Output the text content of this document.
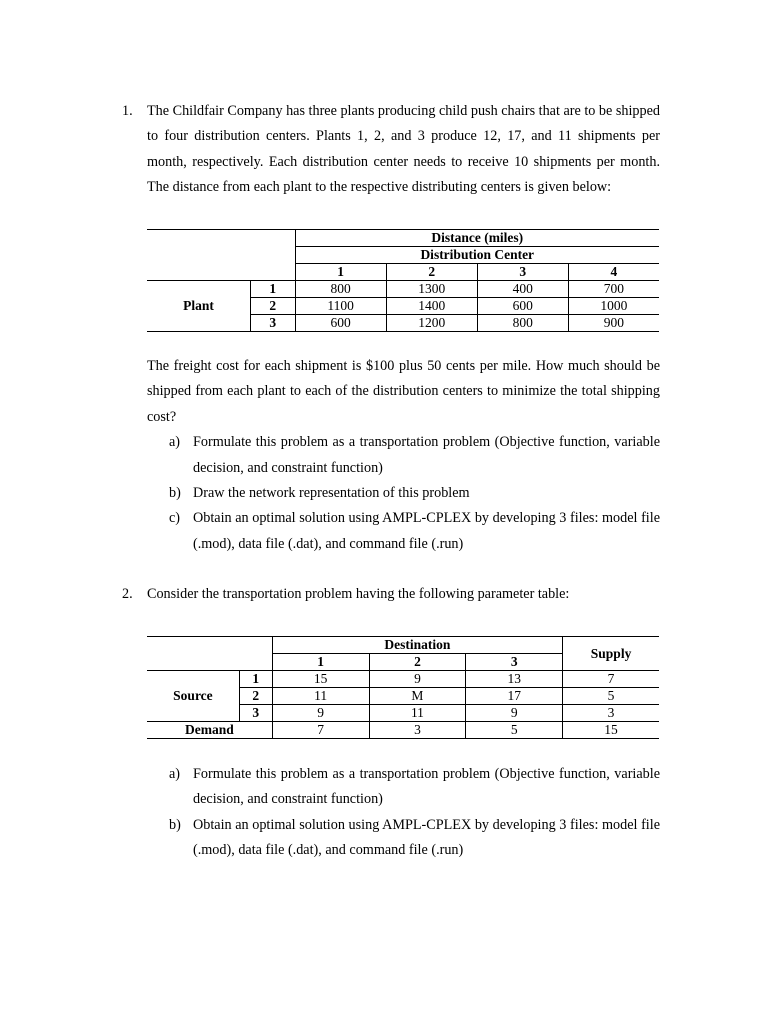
1. The Childfair Company has three plants producing child push chairs that are to be shipped to four distribution centers. Plants 1, 2, and 3 produce 12, 17, and 11 shipments per month, respectively. Each distribution center needs to receive 10 shipments per month. The distance from each plant to the respective distributing centers is given below:

		Distance (miles)			
		Distribution Center			
		1	2	3	4
Plant	1	800	1300	400	700
	2	1100	1400	600	1000
	3	600	1200	800	900

The freight cost for each shipment is $100 plus 50 cents per mile. How much should be shipped from each plant to each of the distribution centers to minimize the total shipping cost?

a) Formulate this problem as a transportation problem (Objective function, variable decision, and constraint function)
b) Draw the network representation of this problem
c) Obtain an optimal solution using AMPL-CPLEX by developing 3 files: model file (.mod), data file (.dat), and command file (.run)
2. Consider the transportation problem having the following parameter table:

		Destination			Supply
		1	2	3	
Source	1	15	9	13	7
	2	11	M	17	5
	3	9	11	9	3
Demand		7	3	5	15
a) Formulate this problem as a transportation problem (Objective function, variable decision, and constraint function)
b) Obtain an optimal solution using AMPL-CPLEX by developing 3 files: model file (.mod), data file (.dat), and command file (.run)
